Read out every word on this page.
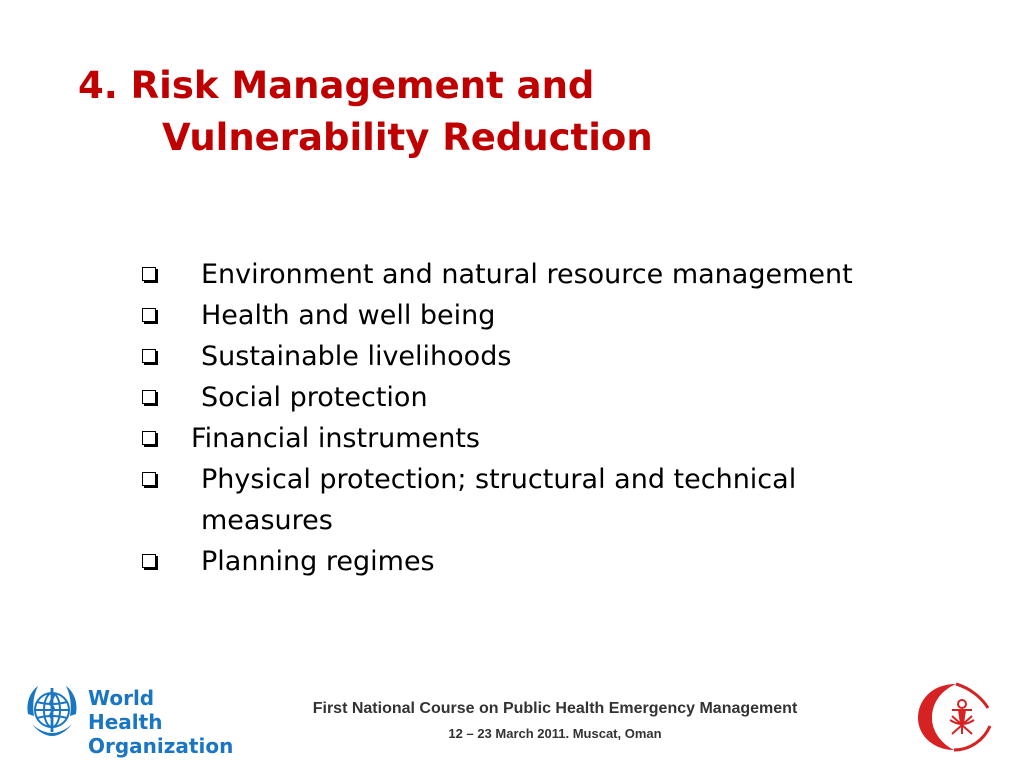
4. Risk Management and
Vulnerability Reduction
Environment and natural resource management
Health and well being
Sustainable livelihoods
Social protection
Financial instruments
Physical protection; structural and technical measures
Planning regimes
World Health
Organization
First National Course on Public Health Emergency Management
12 – 23 March 2011. Muscat, Oman
